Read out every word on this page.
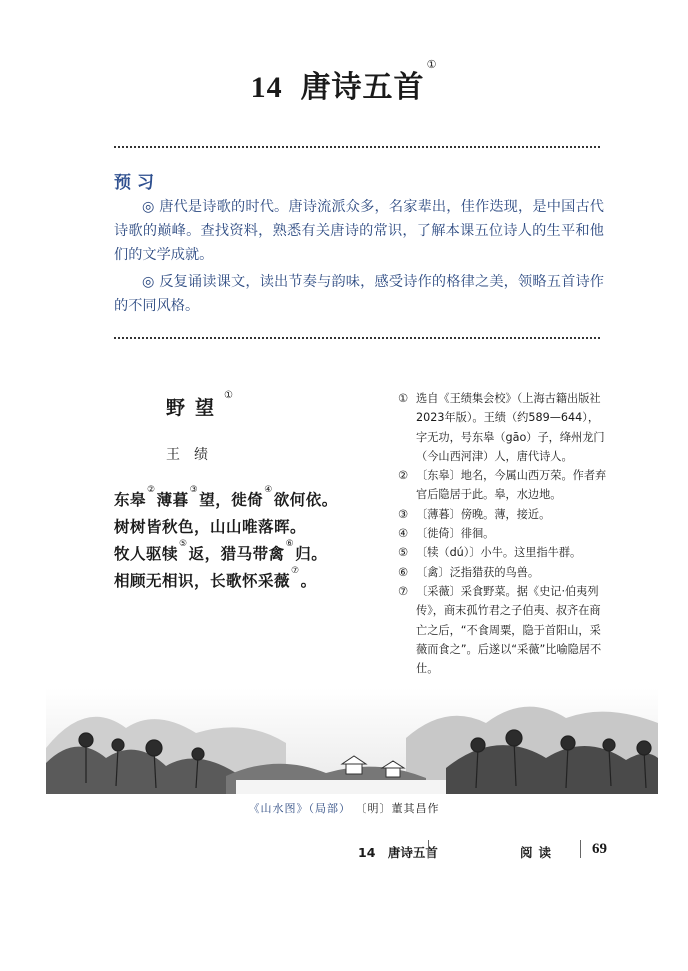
14 唐诗五首①
预习
◎ 唐代是诗歌的时代。唐诗流派众多，名家辈出，佳作迭现，是中国古代诗歌的巅峰。查找资料，熟悉有关唐诗的常识，了解本课五位诗人的生平和他们的文学成就。
◎ 反复诵读课文，读出节奏与韵味，感受诗作的格律之美，领略五首诗作的不同风格。
野望①
王绩
东皋②薄暮③望，徙倚④欲何依。
树树皆秋色，山山唯落晖。
牧人驱犊⑤返，猎马带禽⑥归。
相顾无相识，长歌怀采薇⑦。
① 选自《王绩集会校》（上海古籍出版社2023年版）。王绩（约589—644），字无功，号东皋（gāo）子，绛州龙门（今山西河津）人，唐代诗人。
② 〔东皋〕地名，今属山西万荣。作者弃官后隐居于此。皋，水边地。
③ 〔薄暮〕傍晚。薄，接近。
④ 〔徙倚〕徘徊。
⑤ 〔犊（dú）〕小牛。这里指牛群。
⑥ 〔禽〕泛指猎获的鸟兽。
⑦ 〔采薇〕采食野菜。据《史记·伯夷列传》，商末孤竹君之子伯夷、叔齐在商亡之后，“不食周粟，隐于首阳山，采薇而食之”。后遂以“采薇”比喻隐居不仕。
《山水图》（局部） 〔明〕董其昌作
14　唐诗五首	阅读 69
